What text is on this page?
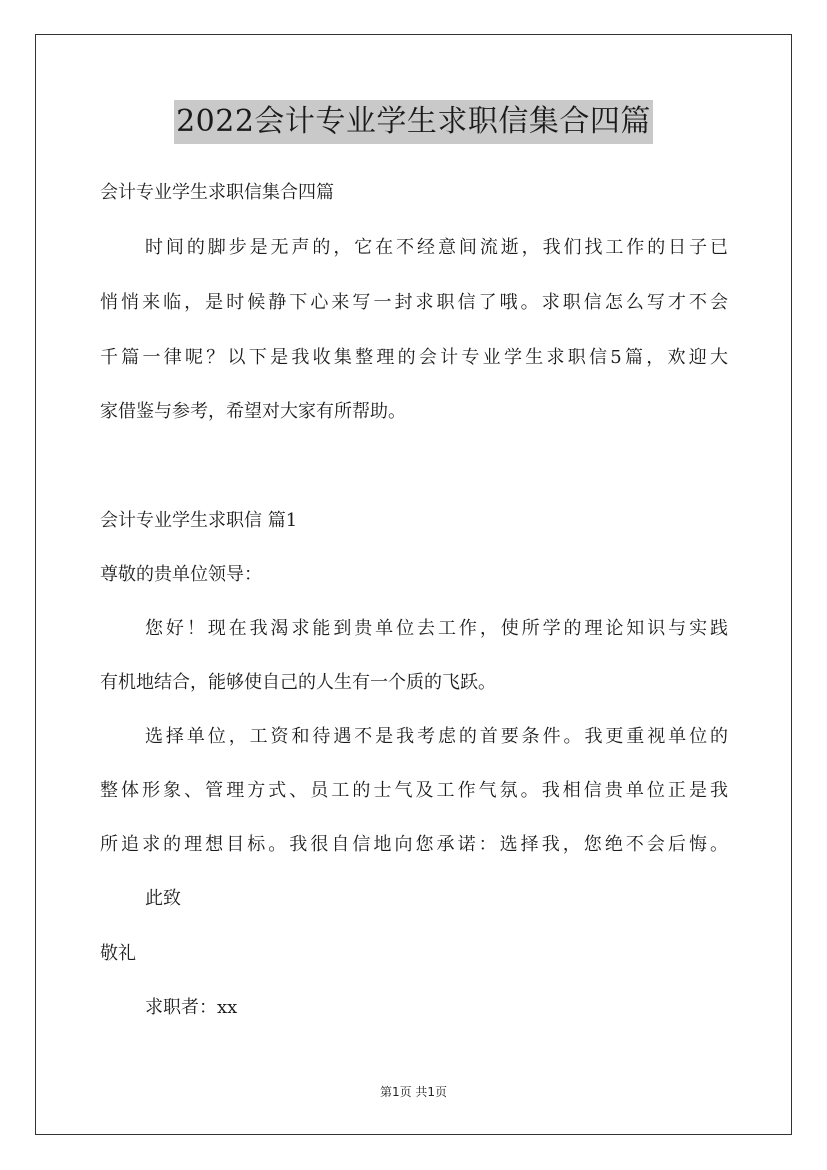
2022会计专业学生求职信集合四篇
会计专业学生求职信集合四篇
时间的脚步是无声的，它在不经意间流逝，我们找工作的日子已
悄悄来临，是时候静下心来写一封求职信了哦。求职信怎么写才不会
千篇一律呢？以下是我收集整理的会计专业学生求职信5篇，欢迎大
家借鉴与参考，希望对大家有所帮助。
会计专业学生求职信 篇1
尊敬的贵单位领导：
您好！现在我渴求能到贵单位去工作，使所学的理论知识与实践
有机地结合，能够使自己的人生有一个质的飞跃。
选择单位，工资和待遇不是我考虑的首要条件。我更重视单位的
整体形象、管理方式、员工的士气及工作气氛。我相信贵单位正是我
所追求的理想目标。我很自信地向您承诺：选择我，您绝不会后悔。
此致
敬礼
求职者：xx
第1页 共1页
